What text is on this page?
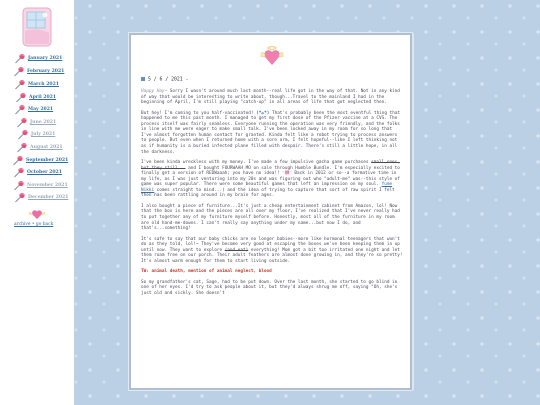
January 2021
February 2021
March 2021
April 2021
May 2021
June 2021
July 2021
August 2021
September 2021
October 2021
November 2021
December 2021
archive • go back
5 / 6 / 2021 -

Happy Hay~ Sorry I wasn't around much last month--real life got in the way of that. Not in any kind of way that would be interesting to write about, though...Travel to the mainland I had in the beginning of April, I'm still playing "catch-up" in all areas of life that got neglected then.

But hey! I'm coming to you half-vaccinated! (*௰*) That's probably been the most eventful thing that happened to me this past month. I managed to get my first dose of the Pfizer vaccine at a CVS. The process itself was fairly seamless. Everyone running the operation was very friendly, and the folks in line with me were eager to make small talk. I've been locked away in my room for so long that I've almost forgotten human contact for granted. Kinda felt like a robot trying to process answers to people. But even when I returned home with a sore arm, I felt hopeful--like I left thinking not as if humanity is a buried infected plane filled with despair. There's still a little hope, in all the darkness.

I've been kinda wreckless with my money. I've made a few impulsive gacha game purchases small ones, but they still... and I bought FOURWAAH MO on sale through Humble Bundle. I'm especially excited to finally get a version of REDWaaah; you have no idea!! ♡೥♡ Back in 2012 or so--a formative time in my life, as I was just venturing into my 20s and was figuring out who "adult-me" was--this style of game was super popular. There were some beautiful games that left an impression on my soul. Yume Nikki comes straight to mind...) and the idea of trying to capture that sort of raw spirit I felt then has been rattling around in my brain for ages.

I also bought a piece of furniture...It's just a cheap entertainment cabinet from Amazon, lol! Now that the box is here and the pieces are all over my floor, I've realized that I've never really had to put together any of my furniture myself before. Honestly, most all of the furniture in my room are old hand-me-downs. I can't really say anything under my name...but now I do, and that's...something!

It's safe to say that our baby chicks are no longer babies--more like hormonal teenagers that won't do as they told, lol!~ They've become very good at escaping the boxes we've been keeping them in up until now. They want to explore (and eat) everything! Mom got a bit too irritated one night and let them roam free on our porch. Their adult feathers are almost done growing in, and they're so pretty! It's almost warm enough for them to start living outside.

TW: animal death, mention of animal neglect, blood

So my grandfather's cat, Sage, had to be put down. Over the last month, she started to go blind in one of her eyes. I'd try to ask people about it, but they'd always shrug me off, saying "Oh, she's just old and sickly. She doesn't
